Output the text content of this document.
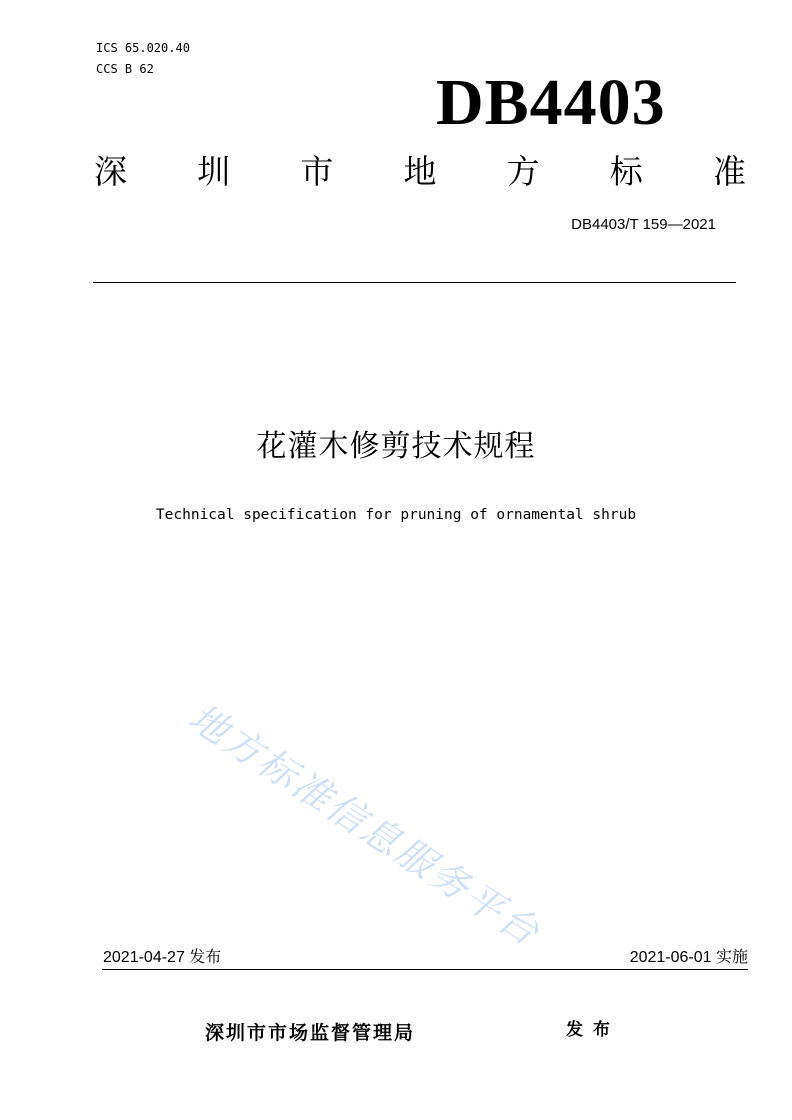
ICS 65.020.40
CCS B 62	DB4403
深 圳 市 地 方 标 准
DB4403/T 159—2021
花灌木修剪技术规程
Technical specification for pruning of ornamental shrub
地方标准信息服务平台
2021-04-27 发布	2021-06-01 实施
深圳市市场监督管理局	发布
